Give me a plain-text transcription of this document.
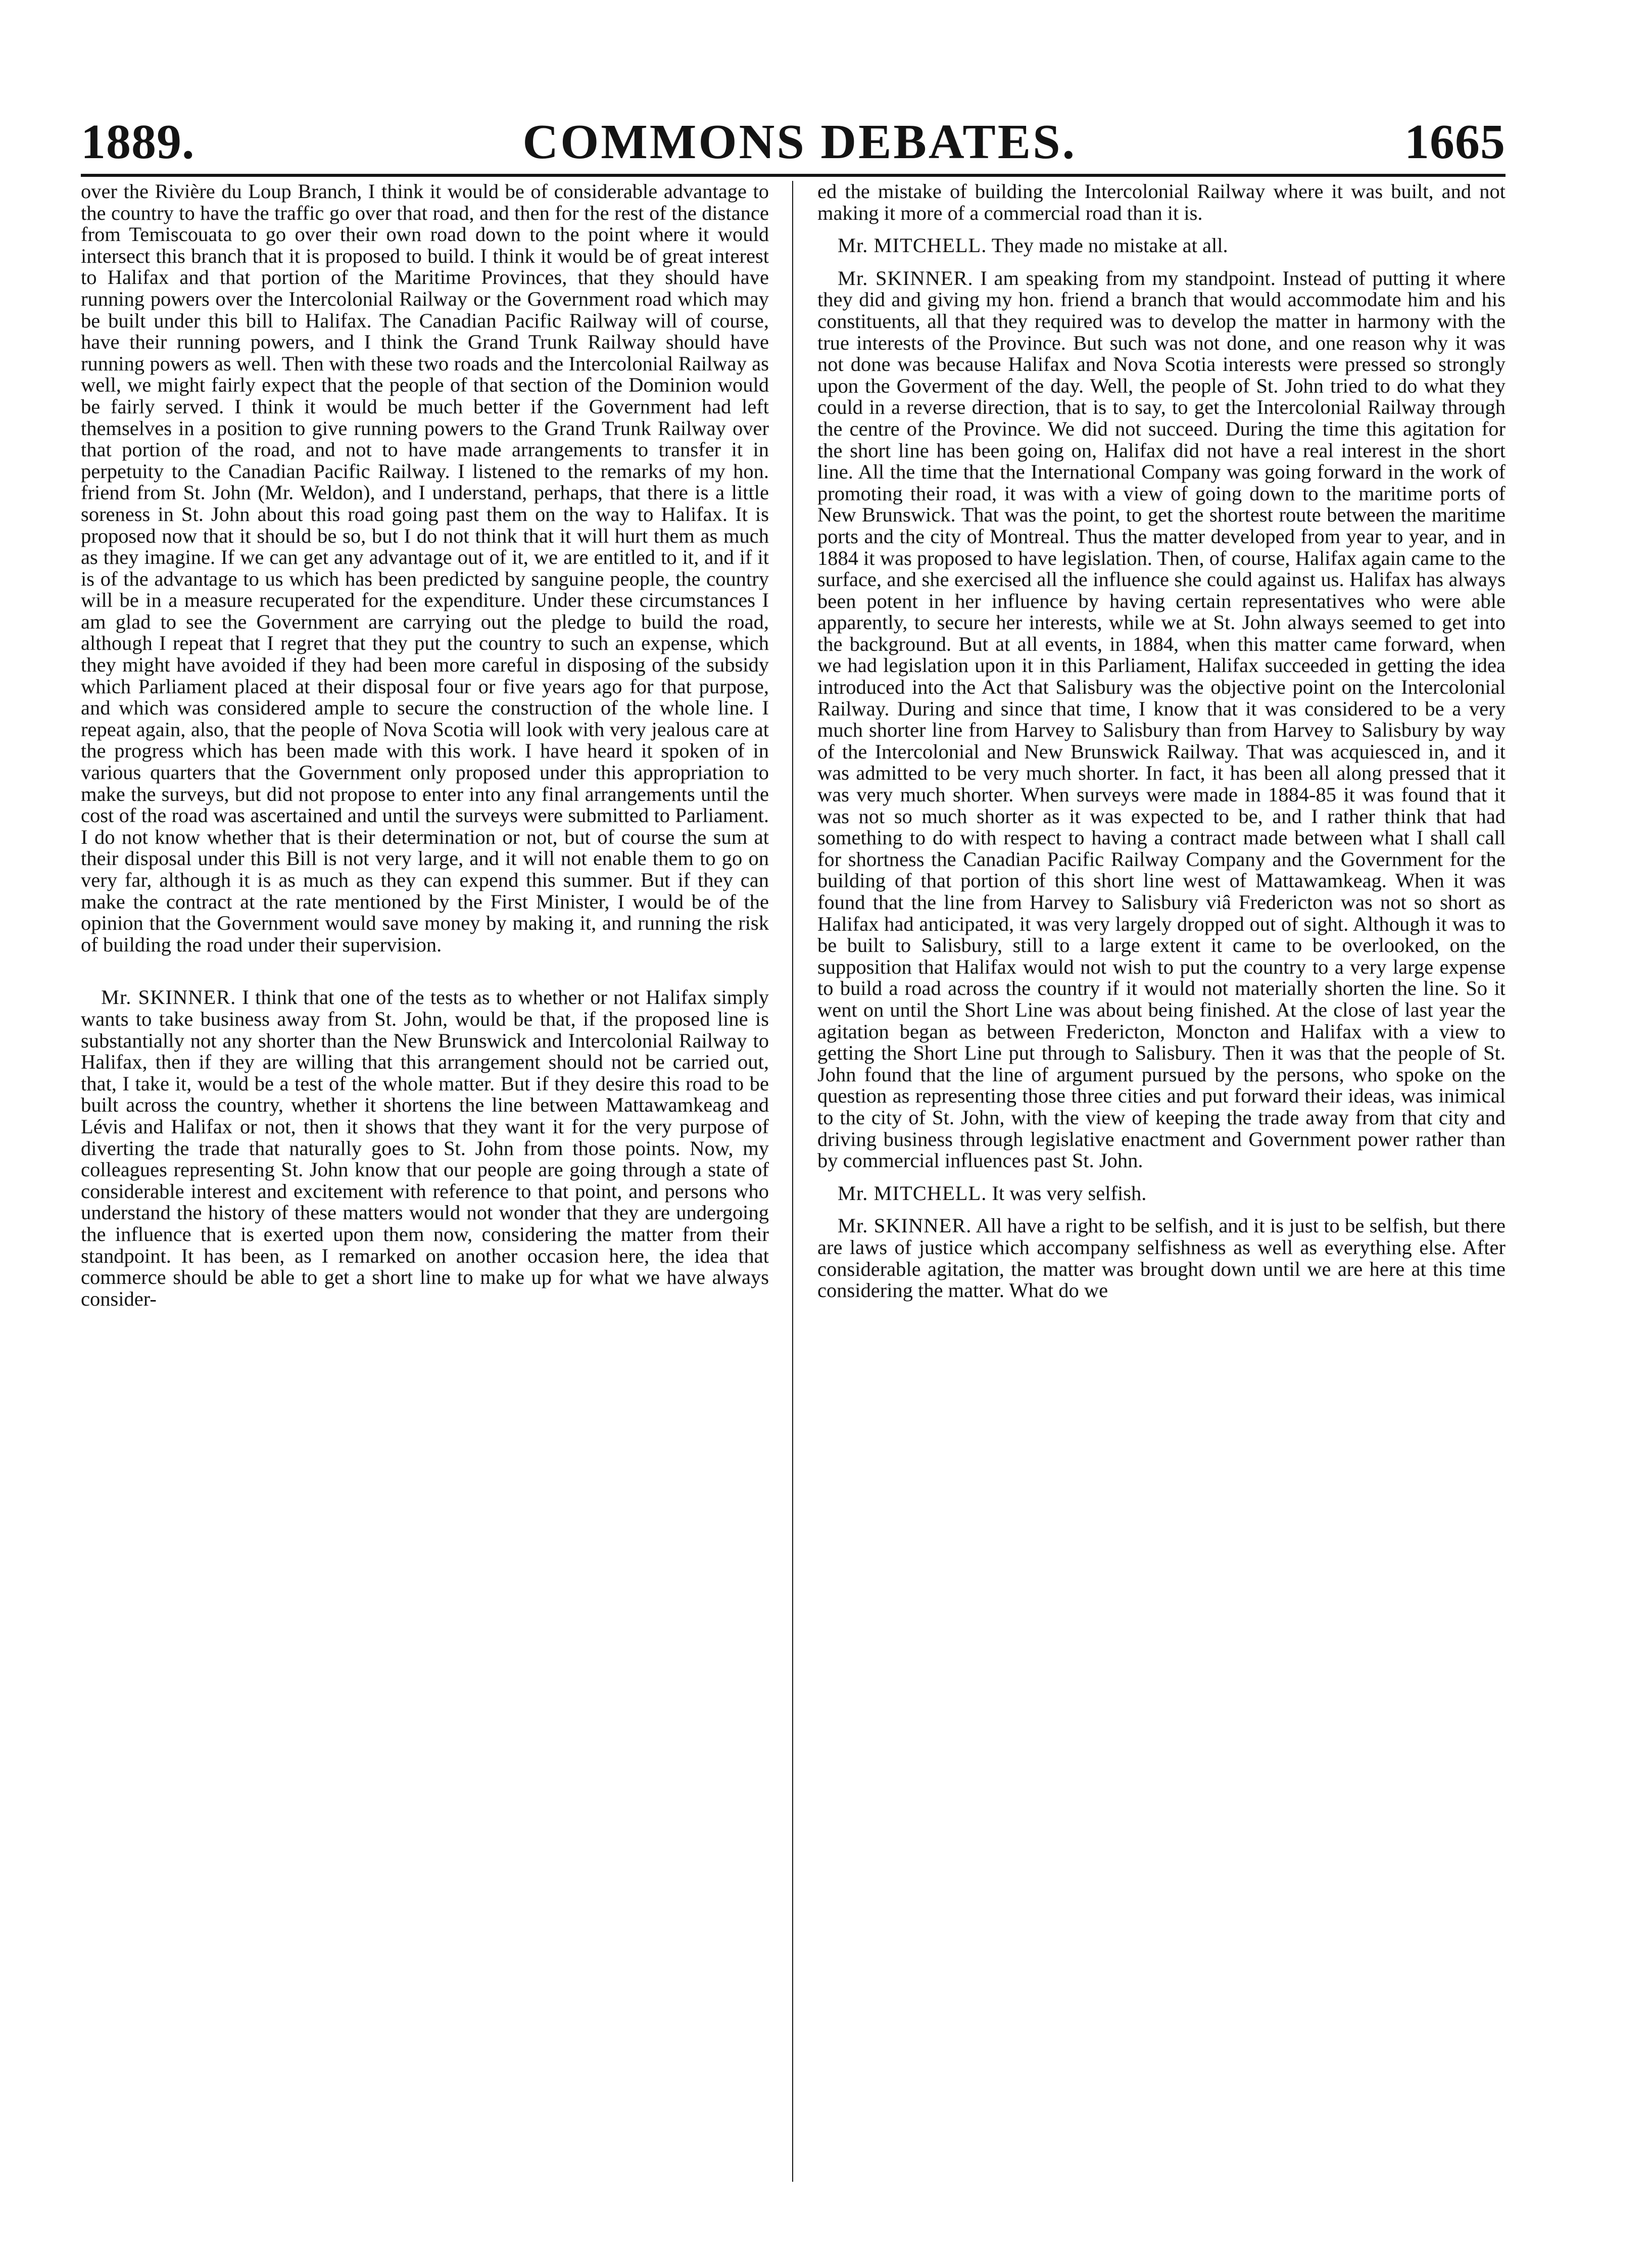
1889.	COMMONS DEBATES.	1665

over the Rivière du Loup Branch, I think it would be of considerable advantage to the country to have the traffic go over that road, and then for the rest of the distance from Temiscouata to go over their own road down to the point where it would intersect this branch that it is proposed to build. I think it would be of great interest to Halifax and that portion of the Maritime Provinces, that they should have running powers over the Intercolonial Railway or the Government road which may be built under this bill to Halifax. The Canadian Pacific Railway will of course, have their running powers, and I think the Grand Trunk Railway should have running powers as well. Then with these two roads and the Intercolonial Railway as well, we might fairly expect that the people of that section of the Dominion would be fairly served. I think it would be much better if the Government had left themselves in a position to give running powers to the Grand Trunk Railway over that portion of the road, and not to have made arrangements to transfer it in perpetuity to the Canadian Pacific Railway. I listened to the remarks of my hon. friend from St. John (Mr. Weldon), and I understand, perhaps, that there is a little soreness in St. John about this road going past them on the way to Halifax. It is proposed now that it should be so, but I do not think that it will hurt them as much as they imagine. If we can get any advantage out of it, we are entitled to it, and if it is of the advantage to us which has been predicted by sanguine people, the country will be in a measure recuperated for the expenditure. Under these circumstances I am glad to see the Government are carrying out the pledge to build the road, although I repeat that I regret that they put the country to such an expense, which they might have avoided if they had been more careful in disposing of the subsidy which Parliament placed at their disposal four or five years ago for that purpose, and which was considered ample to secure the construction of the whole line. I repeat again, also, that the people of Nova Scotia will look with very jealous care at the progress which has been made with this work. I have heard it spoken of in various quarters that the Government only proposed under this appropriation to make the surveys, but did not propose to enter into any final arrangements until the cost of the road was ascertained and until the surveys were submitted to Parliament. I do not know whether that is their determination or not, but of course the sum at their disposal under this Bill is not very large, and it will not enable them to go on very far, although it is as much as they can expend this summer. But if they can make the contract at the rate mentioned by the First Minister, I would be of the opinion that the Government would save money by making it, and running the risk of building the road under their supervision.

Mr. SKINNER. I think that one of the tests as to whether or not Halifax simply wants to take business away from St. John, would be that, if the proposed line is substantially not any shorter than the New Brunswick and Intercolonial Railway to Halifax, then if they are willing that this arrangement should not be carried out, that, I take it, would be a test of the whole matter. But if they desire this road to be built across the country, whether it shortens the line between Mattawamkeag and Lévis and Halifax or not, then it shows that they want it for the very purpose of diverting the trade that naturally goes to St. John from those points. Now, my colleagues representing St. John know that our people are going through a state of considerable interest and excitement with reference to that point, and persons who understand the history of these matters would not wonder that they are undergoing the influence that is exerted upon them now, considering the matter from their standpoint. It has been, as I remarked on another occasion here, the idea that commerce should be able to get a short line to make up for what we have always consider-

ed the mistake of building the Intercolonial Railway where it was built, and not making it more of a commercial road than it is.

Mr. MITCHELL. They made no mistake at all.

Mr. SKINNER. I am speaking from my standpoint. Instead of putting it where they did and giving my hon. friend a branch that would accommodate him and his constituents, all that they required was to develop the matter in harmony with the true interests of the Province. But such was not done, and one reason why it was not done was because Halifax and Nova Scotia interests were pressed so strongly upon the Goverment of the day. Well, the people of St. John tried to do what they could in a reverse direction, that is to say, to get the Intercolonial Railway through the centre of the Province. We did not succeed. During the time this agitation for the short line has been going on, Halifax did not have a real interest in the short line. All the time that the International Company was going forward in the work of promoting their road, it was with a view of going down to the maritime ports of New Brunswick. That was the point, to get the shortest route between the maritime ports and the city of Montreal. Thus the matter developed from year to year, and in 1884 it was proposed to have legislation. Then, of course, Halifax again came to the surface, and she exercised all the influence she could against us. Halifax has always been potent in her influence by having certain representatives who were able apparently, to secure her interests, while we at St. John always seemed to get into the background. But at all events, in 1884, when this matter came forward, when we had legislation upon it in this Parliament, Halifax succeeded in getting the idea introduced into the Act that Salisbury was the objective point on the Intercolonial Railway. During and since that time, I know that it was considered to be a very much shorter line from Harvey to Salisbury than from Harvey to Salisbury by way of the Intercolonial and New Brunswick Railway. That was acquiesced in, and it was admitted to be very much shorter. In fact, it has been all along pressed that it was very much shorter. When surveys were made in 1884-85 it was found that it was not so much shorter as it was expected to be, and I rather think that had something to do with respect to having a contract made between what I shall call for shortness the Canadian Pacific Railway Company and the Government for the building of that portion of this short line west of Mattawamkeag. When it was found that the line from Harvey to Salisbury viâ Fredericton was not so short as Halifax had anticipated, it was very largely dropped out of sight. Although it was to be built to Salisbury, still to a large extent it came to be overlooked, on the supposition that Halifax would not wish to put the country to a very large expense to build a road across the country if it would not materially shorten the line. So it went on until the Short Line was about being finished. At the close of last year the agitation began as between Fredericton, Moncton and Halifax with a view to getting the Short Line put through to Salisbury. Then it was that the people of St. John found that the line of argument pursued by the persons, who spoke on the question as representing those three cities and put forward their ideas, was inimical to the city of St. John, with the view of keeping the trade away from that city and driving business through legislative enactment and Government power rather than by commercial influences past St. John.

Mr. MITCHELL. It was very selfish.

Mr. SKINNER. All have a right to be selfish, and it is just to be selfish, but there are laws of justice which accompany selfishness as well as everything else. After considerable agitation, the matter was brought down until we are here at this time considering the matter. What do we
